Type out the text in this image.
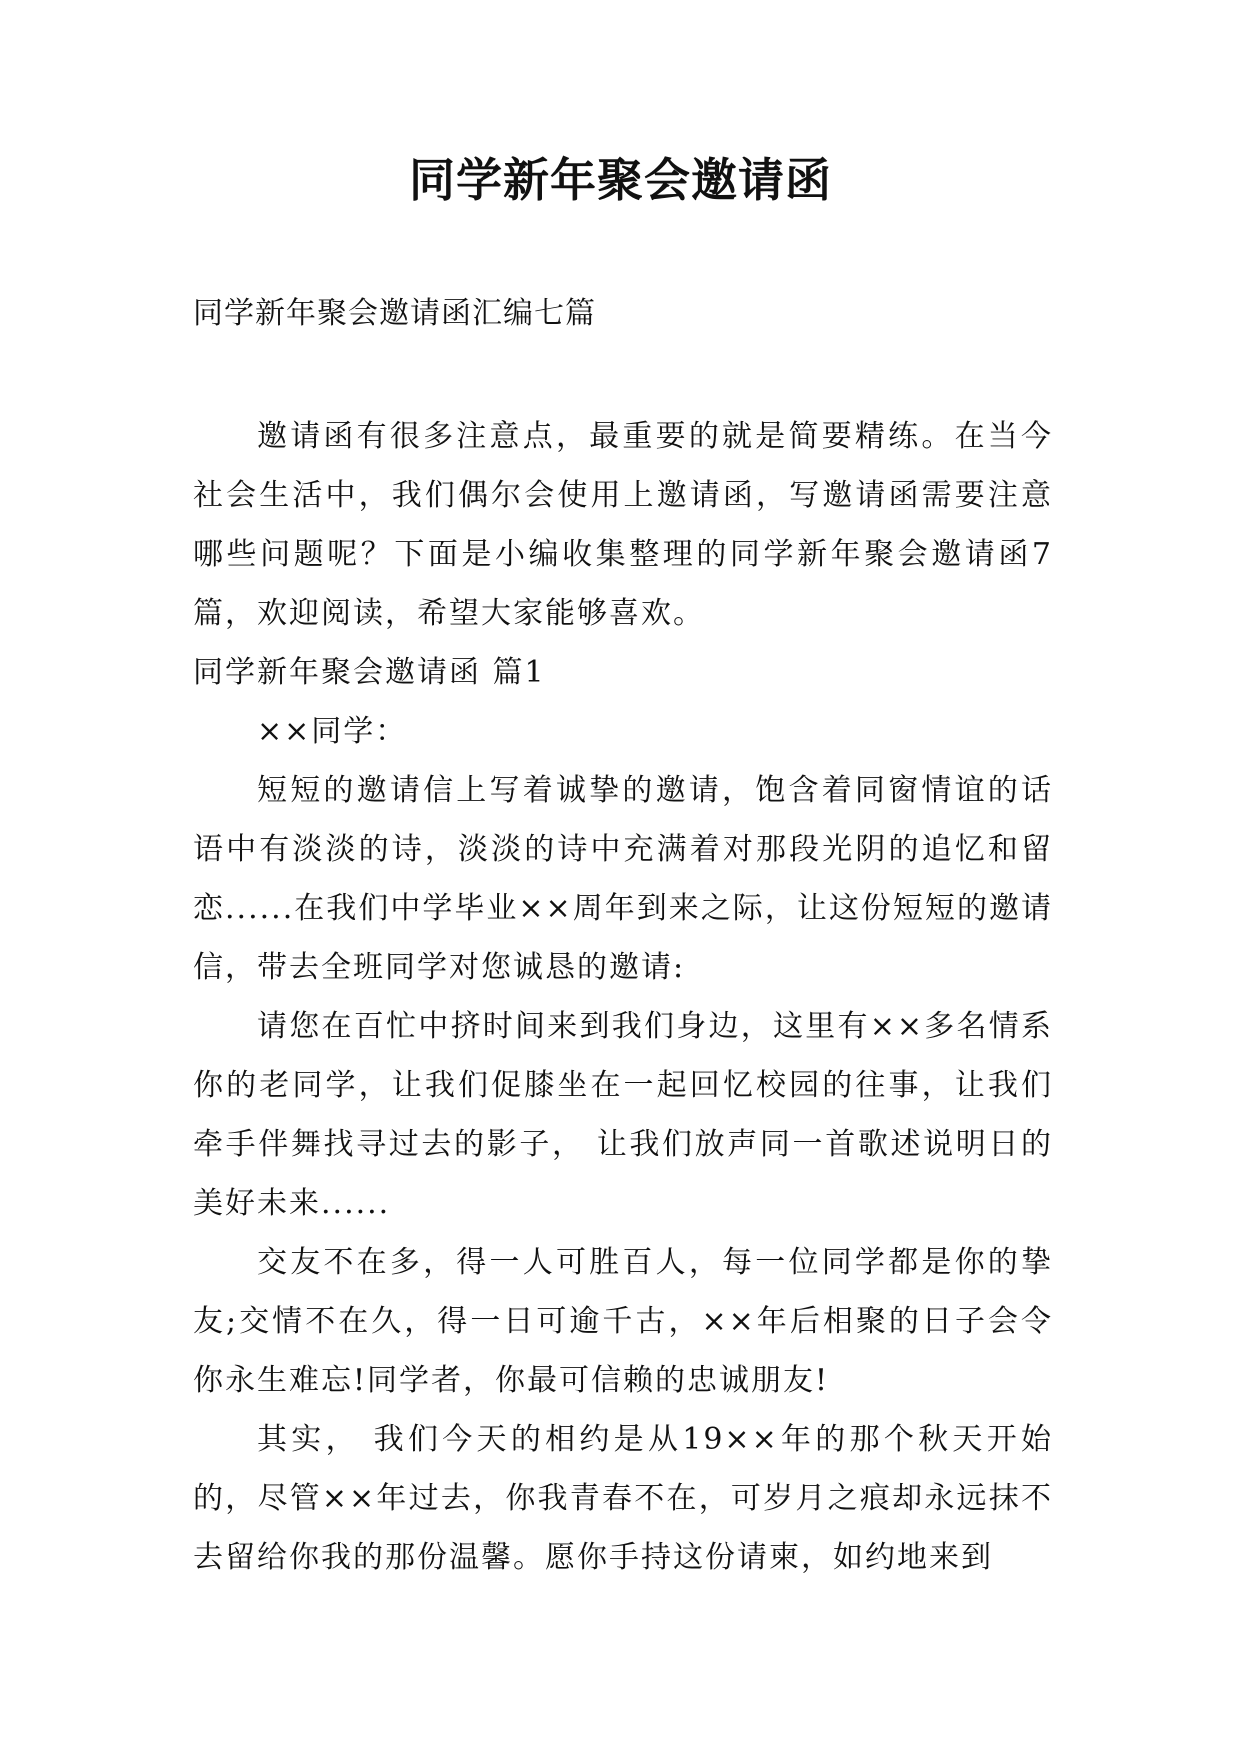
同学新年聚会邀请函
同学新年聚会邀请函汇编七篇

邀请函有很多注意点，最重要的就是简要精练。在当今社会生活中，我们偶尔会使用上邀请函，写邀请函需要注意哪些问题呢？下面是小编收集整理的同学新年聚会邀请函7篇，欢迎阅读，希望大家能够喜欢。

同学新年聚会邀请函 篇1

××同学：

短短的邀请信上写着诚挚的邀请，饱含着同窗情谊的话语中有淡淡的诗，淡淡的诗中充满着对那段光阴的追忆和留恋......在我们中学毕业××周年到来之际，让这份短短的邀请信，带去全班同学对您诚恳的邀请:

请您在百忙中挤时间来到我们身边，这里有××多名情系你的老同学，让我们促膝坐在一起回忆校园的往事，让我们牵手伴舞找寻过去的影子， 让我们放声同一首歌述说明日的美好未来......

交友不在多，得一人可胜百人，每一位同学都是你的挚友;交情不在久，得一日可逾千古，××年后相聚的日子会令你永生难忘!同学者，你最可信赖的忠诚朋友!

其实， 我们今天的相约是从19××年的那个秋天开始的，尽管××年过去，你我青春不在，可岁月之痕却永远抹不去留给你我的那份温馨。愿你手持这份请柬，如约地来到
